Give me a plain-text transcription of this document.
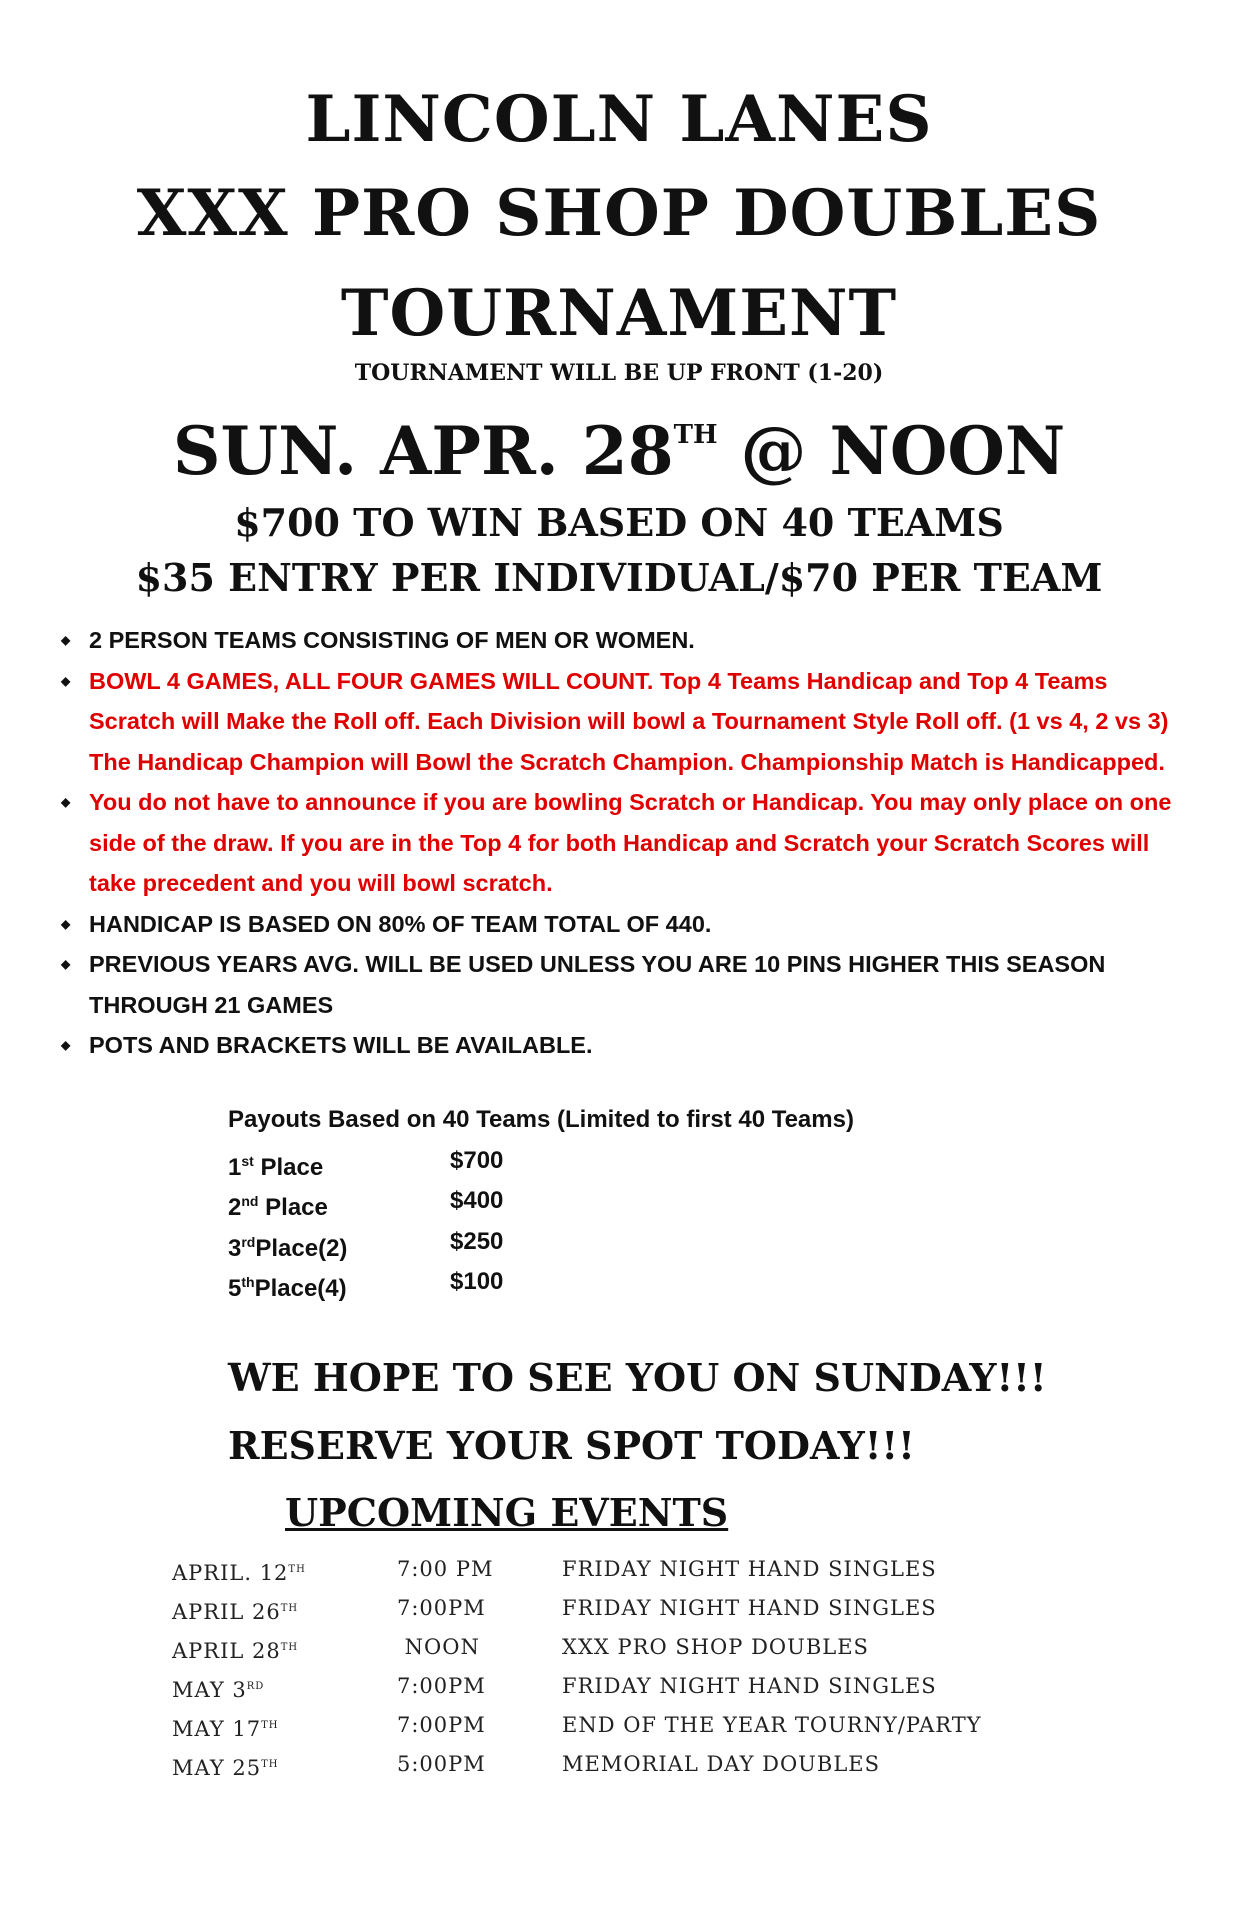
LINCOLN LANES
XXX PRO SHOP DOUBLES
TOURNAMENT
TOURNAMENT WILL BE UP FRONT (1-20)
SUN. APR. 28TH @ NOON
$700 TO WIN BASED ON 40 TEAMS
$35 ENTRY PER INDIVIDUAL/$70 PER TEAM
◆ 2 PERSON TEAMS CONSISTING OF MEN OR WOMEN.
◆ BOWL 4 GAMES, ALL FOUR GAMES WILL COUNT. Top 4 Teams Handicap and Top 4 Teams Scratch will Make the Roll off. Each Division will bowl a Tournament Style Roll off. (1 vs 4, 2 vs 3) The Handicap Champion will Bowl the Scratch Champion. Championship Match is Handicapped.
◆ You do not have to announce if you are bowling Scratch or Handicap. You may only place on one side of the draw. If you are in the Top 4 for both Handicap and Scratch your Scratch Scores will take precedent and you will bowl scratch.
◆ HANDICAP IS BASED ON 80% OF TEAM TOTAL OF 440.
◆ PREVIOUS YEARS AVG. WILL BE USED UNLESS YOU ARE 10 PINS HIGHER THIS SEASON THROUGH 21 GAMES
◆ POTS AND BRACKETS WILL BE AVAILABLE.
Payouts Based on 40 Teams (Limited to first 40 Teams)
1st Place	$700
2nd Place	$400
3rdPlace(2)	$250
5thPlace(4)	$100
WE HOPE TO SEE YOU ON SUNDAY!!!
RESERVE YOUR SPOT TODAY!!!
UPCOMING EVENTS
APRIL. 12TH	7:00 PM	FRIDAY NIGHT HAND SINGLES
APRIL 26TH	7:00PM	FRIDAY NIGHT HAND SINGLES
APRIL 28TH	NOON	XXX PRO SHOP DOUBLES
MAY 3RD	7:00PM	FRIDAY NIGHT HAND SINGLES
MAY 17TH	7:00PM	END OF THE YEAR TOURNY/PARTY
MAY 25TH	5:00PM	MEMORIAL DAY DOUBLES
